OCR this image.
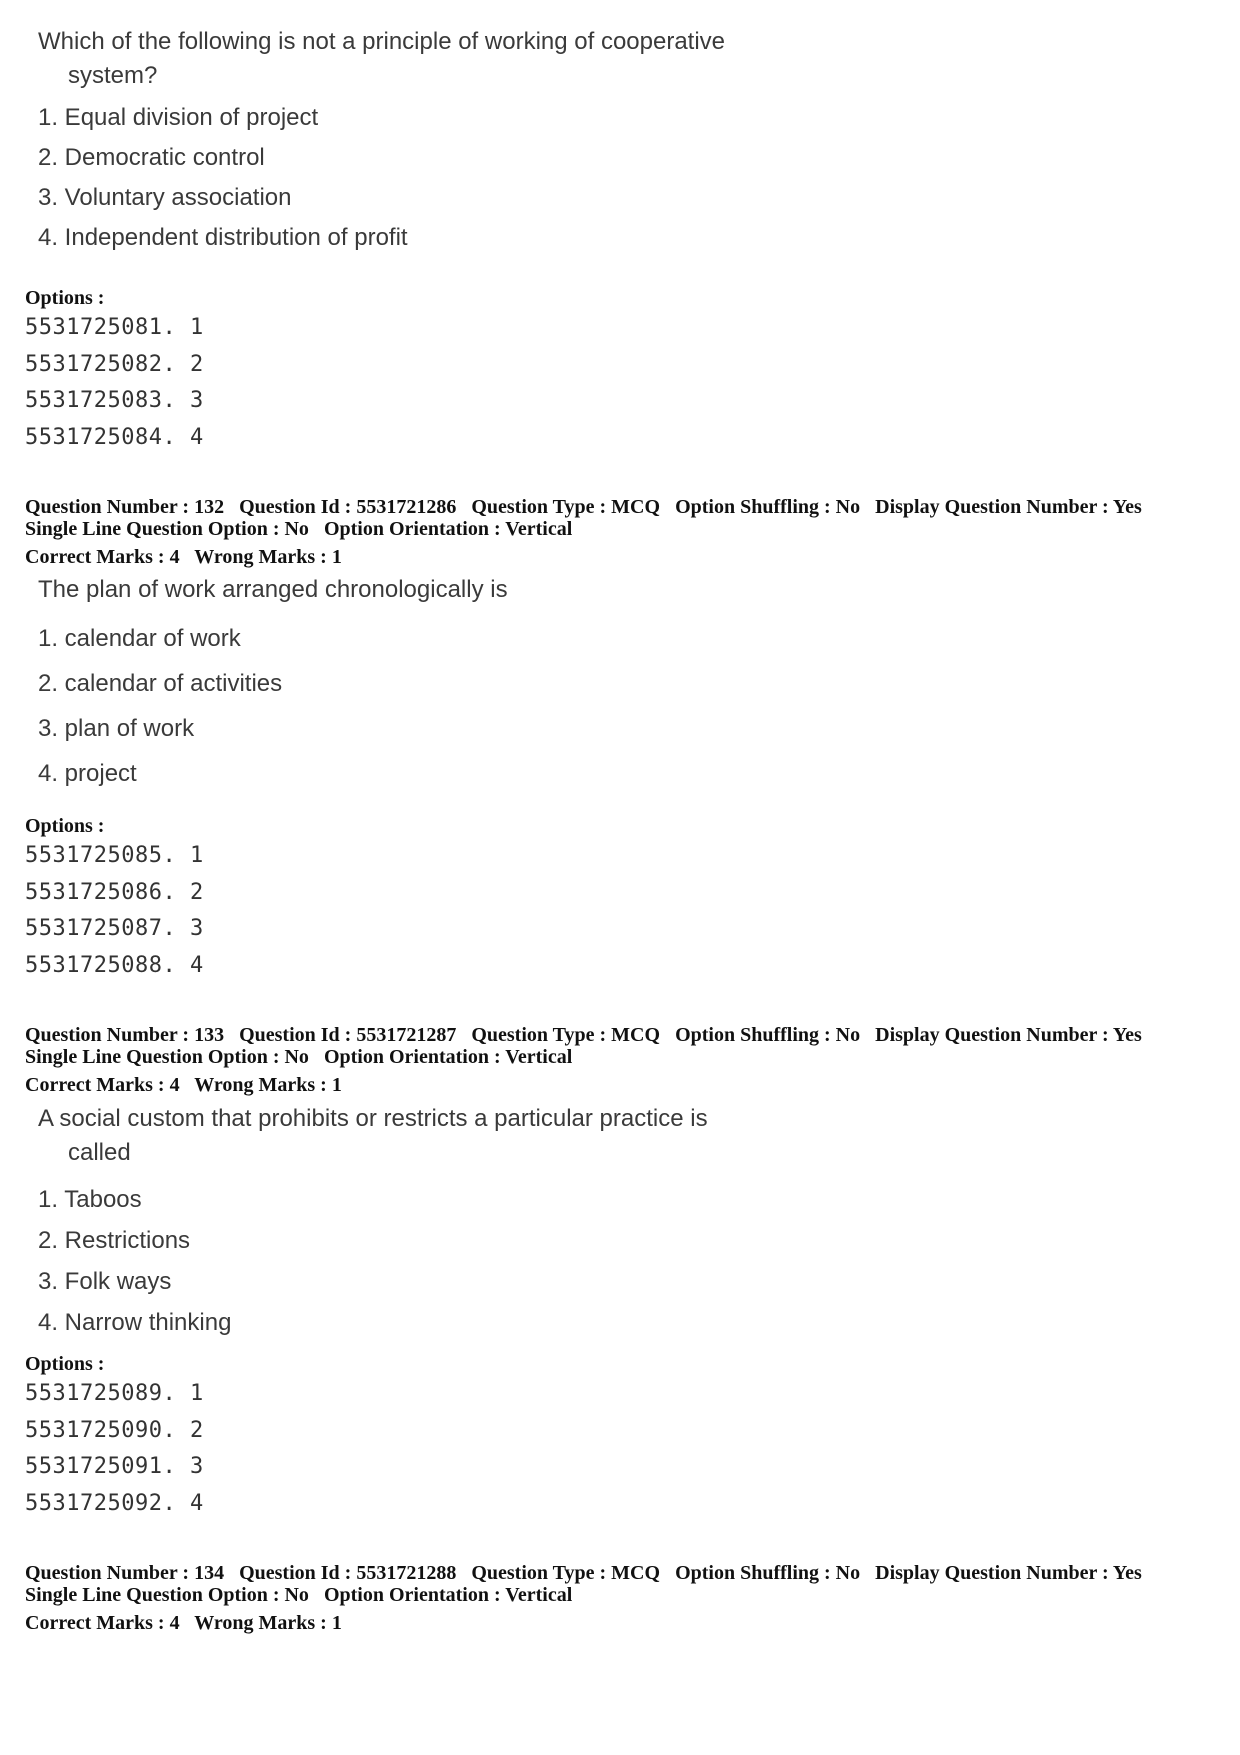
Which of the following is not a principle of working of cooperative
system?
1. Equal division of project
2. Democratic control
3. Voluntary association
4. Independent distribution of profit
Options :
5531725081. 1
5531725082. 2
5531725083. 3
5531725084. 4
Question Number : 132 Question Id : 5531721286 Question Type : MCQ Option Shuffling : No Display Question Number : Yes
Single Line Question Option : No Option Orientation : Vertical
Correct Marks : 4 Wrong Marks : 1
The plan of work arranged chronologically is
1. calendar of work
2. calendar of activities
3. plan of work
4. project
Options :
5531725085. 1
5531725086. 2
5531725087. 3
5531725088. 4
Question Number : 133 Question Id : 5531721287 Question Type : MCQ Option Shuffling : No Display Question Number : Yes
Single Line Question Option : No Option Orientation : Vertical
Correct Marks : 4 Wrong Marks : 1
A social custom that prohibits or restricts a particular practice is
called
1. Taboos
2. Restrictions
3. Folk ways
4. Narrow thinking
Options :
5531725089. 1
5531725090. 2
5531725091. 3
5531725092. 4
Question Number : 134 Question Id : 5531721288 Question Type : MCQ Option Shuffling : No Display Question Number : Yes
Single Line Question Option : No Option Orientation : Vertical
Correct Marks : 4 Wrong Marks : 1
